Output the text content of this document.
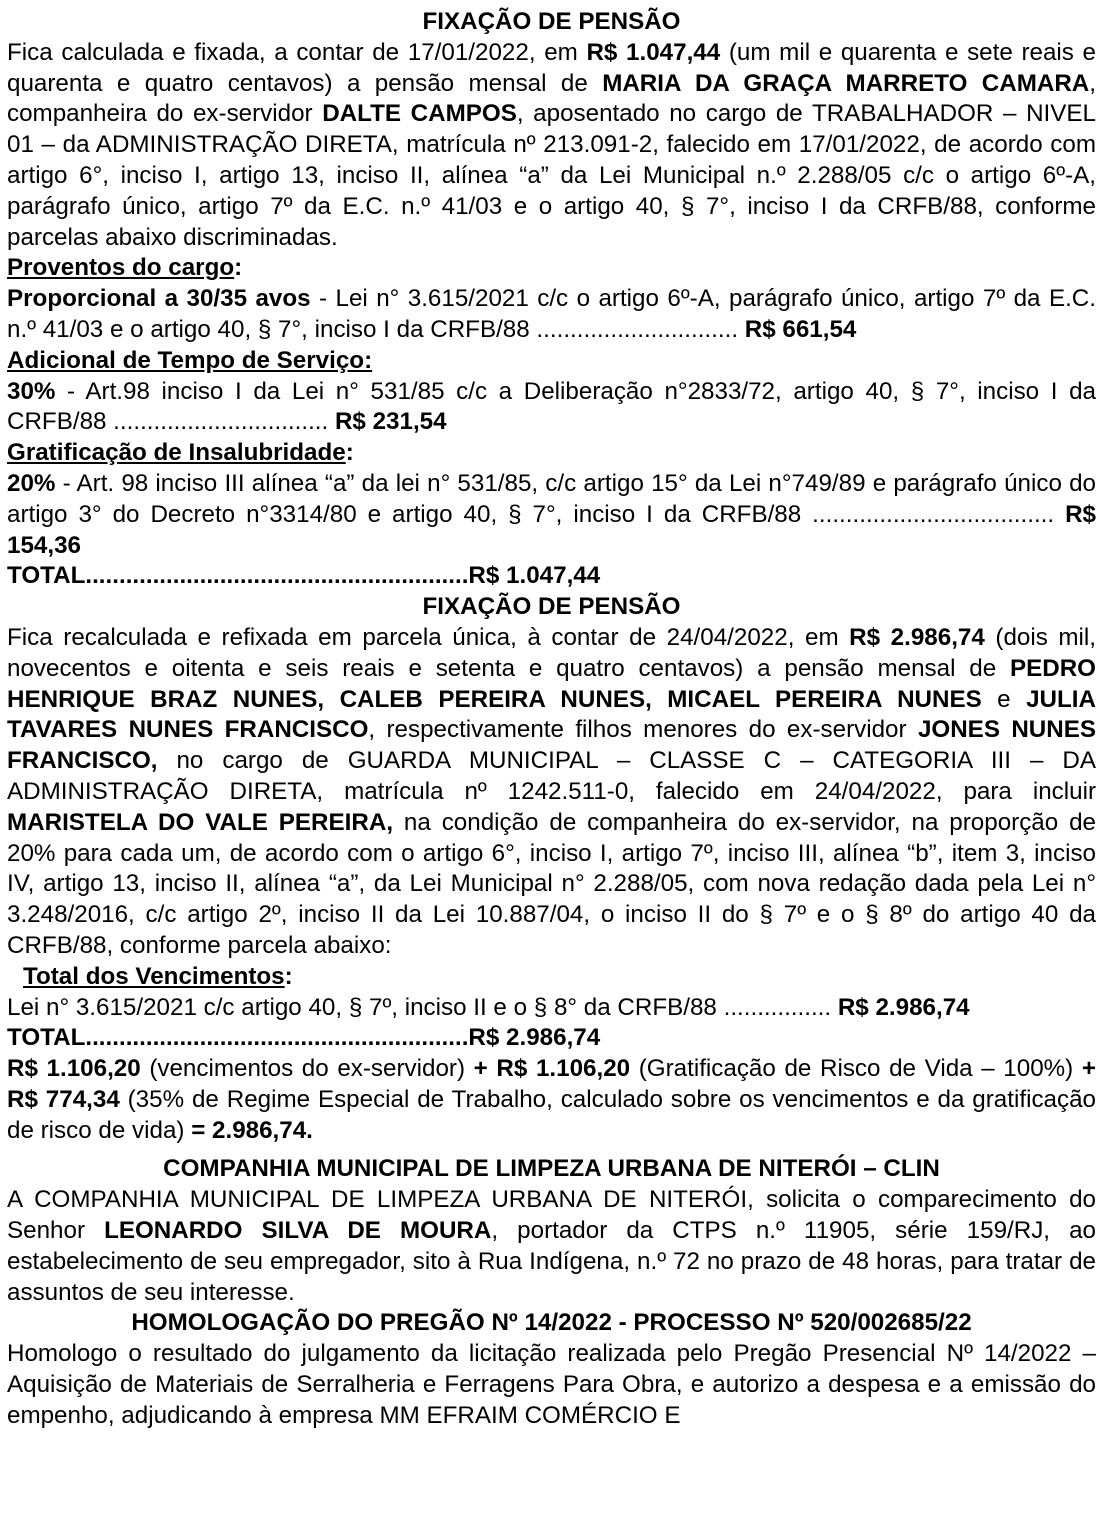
FIXAÇÃO DE PENSÃO
Fica calculada e fixada, a contar de 17/01/2022, em R$ 1.047,44 (um mil e quarenta e sete reais e quarenta e quatro centavos) a pensão mensal de MARIA DA GRAÇA MARRETO CAMARA, companheira do ex-servidor DALTE CAMPOS, aposentado no cargo de TRABALHADOR – NIVEL 01 – da ADMINISTRAÇÃO DIRETA, matrícula nº 213.091-2, falecido em 17/01/2022, de acordo com artigo 6°, inciso I, artigo 13, inciso II, alínea “a” da Lei Municipal n.º 2.288/05 c/c o artigo 6º-A, parágrafo único, artigo 7º da E.C. n.º 41/03 e o artigo 40, § 7°, inciso I da CRFB/88, conforme parcelas abaixo discriminadas.
Proventos do cargo:
Proporcional a 30/35 avos - Lei n° 3.615/2021 c/c o artigo 6º-A, parágrafo único, artigo 7º da E.C. n.º 41/03 e o artigo 40, § 7°, inciso I da CRFB/88 .............................. R$ 661,54
Adicional de Tempo de Serviço:
30% - Art.98 inciso I da Lei n° 531/85 c/c a Deliberação n°2833/72, artigo 40, § 7°, inciso I da CRFB/88 ................................ R$ 231,54
Gratificação de Insalubridade:
20% - Art. 98 inciso III alínea “a” da lei n° 531/85, c/c artigo 15° da Lei n°749/89 e parágrafo único do artigo 3° do Decreto n°3314/80 e artigo 40, § 7°, inciso I da CRFB/88 .................................... R$ 154,36
TOTAL.........................................................R$ 1.047,44
FIXAÇÃO DE PENSÃO
Fica recalculada e refixada em parcela única, à contar de 24/04/2022, em R$ 2.986,74 (dois mil, novecentos e oitenta e seis reais e setenta e quatro centavos) a pensão mensal de PEDRO HENRIQUE BRAZ NUNES, CALEB PEREIRA NUNES, MICAEL PEREIRA NUNES e JULIA TAVARES NUNES FRANCISCO, respectivamente filhos menores do ex-servidor JONES NUNES FRANCISCO, no cargo de GUARDA MUNICIPAL – CLASSE C – CATEGORIA III – DA ADMINISTRAÇÃO DIRETA, matrícula nº 1242.511-0, falecido em 24/04/2022, para incluir MARISTELA DO VALE PEREIRA, na condição de companheira do ex-servidor, na proporção de 20% para cada um, de acordo com o artigo 6°, inciso I, artigo 7º, inciso III, alínea “b”, item 3, inciso IV, artigo 13, inciso II, alínea “a”, da Lei Municipal n° 2.288/05, com nova redação dada pela Lei n° 3.248/2016, c/c artigo 2º, inciso II da Lei 10.887/04, o inciso II do § 7º e o § 8º do artigo 40 da CRFB/88, conforme parcela abaixo:
Total dos Vencimentos:
Lei n° 3.615/2021 c/c artigo 40, § 7º, inciso II e o § 8° da CRFB/88 ................ R$ 2.986,74
TOTAL.........................................................R$ 2.986,74
R$ 1.106,20 (vencimentos do ex-servidor) + R$ 1.106,20 (Gratificação de Risco de Vida – 100%) + R$ 774,34 (35% de Regime Especial de Trabalho, calculado sobre os vencimentos e da gratificação de risco de vida) = 2.986,74.
COMPANHIA MUNICIPAL DE LIMPEZA URBANA DE NITERÓI – CLIN
A COMPANHIA MUNICIPAL DE LIMPEZA URBANA DE NITERÓI, solicita o comparecimento do Senhor LEONARDO SILVA DE MOURA, portador da CTPS n.º 11905, série 159/RJ, ao estabelecimento de seu empregador, sito à Rua Indígena, n.º 72 no prazo de 48 horas, para tratar de assuntos de seu interesse.
HOMOLOGAÇÃO DO PREGÃO Nº 14/2022 - PROCESSO Nº 520/002685/22
Homologo o resultado do julgamento da licitação realizada pelo Pregão Presencial Nº 14/2022 – Aquisição de Materiais de Serralheria e Ferragens Para Obra, e autorizo a despesa e a emissão do empenho, adjudicando à empresa MM EFRAIM COMÉRCIO E
